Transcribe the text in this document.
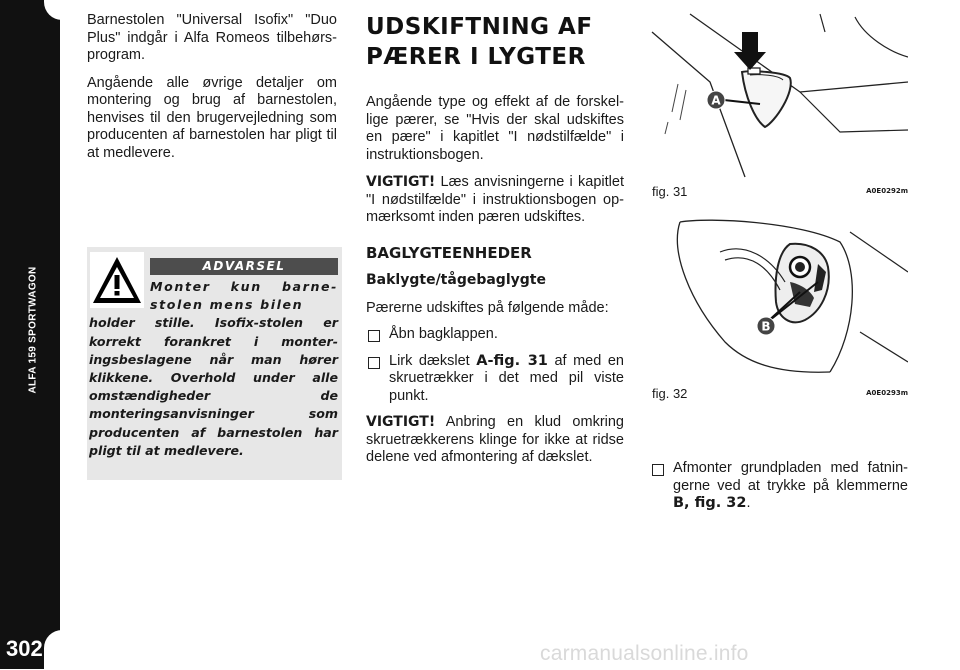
ALFA 159 SPORTWAGON
302

Barnestolen "Universal Isofix" "Duo Plus" indgår i Alfa Romeos tilbehørs-program.

Angående alle øvrige detaljer om montering og brug af barnestolen, henvises til den brugervejledning som producenten af barnestolen har pligt til at medlevere.

ADVARSEL
Monter kun barne-stolen mens bilen
holder stille. Isofix-stolen er korrekt forankret i monter-ingsbeslagene når man hører klikkene. Overhold under alle omstændigheder de monteringsanvisninger som producenten af barnestolen har pligt til at medlevere.
UDSKIFTNING AF
PÆRER I LYGTER

Angående type og effekt af de forskel-lige pærer, se "Hvis der skal udskiftes en pære" i kapitlet "I nødstilfælde" i instruktionsbogen.

VIGTIGT! Læs anvisningerne i kapitlet "I nødstilfælde" i instruktionsbogen op-mærksomt inden pæren udskiftes.

BAGLYGTEENHEDER
Baklygte/tågebaglygte

Pærerne udskiftes på følgende måde:

Åbn bagklappen.
Lirk dækslet A-fig. 31 af med en skruetrækker i det med pil viste punkt.

VIGTIGT! Anbring en klud omkring skruetrækkerens klinge for ikke at ridse delene ved afmontering af dækslet.

A
fig. 31	A0E0292m
B
fig. 32	A0E0293m
Afmonter grundpladen med fatnin-gerne ved at trykke på klemmerne B, fig. 32.
carmanualsonline.info
